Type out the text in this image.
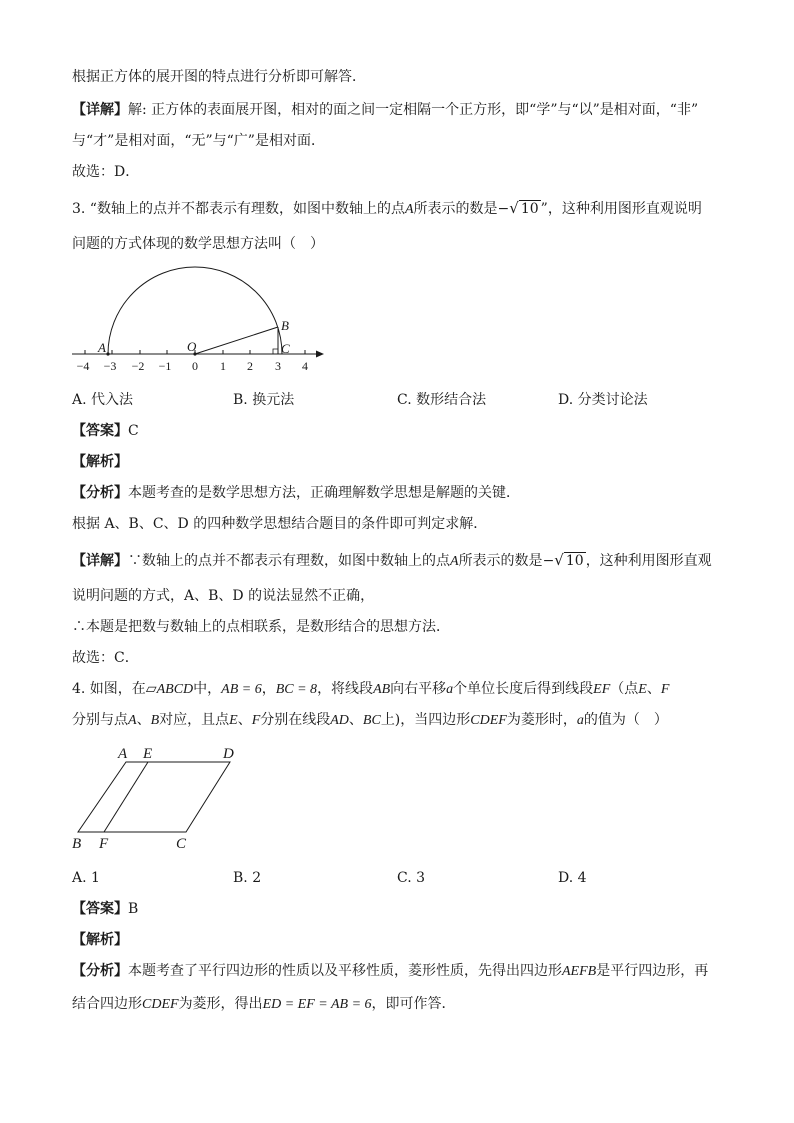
根据正方体的展开图的特点进行分析即可解答．
【详解】解: 正方体的表面展开图，相对的面之间一定相隔一个正方形，即“学”与“以”是相对面，“非”
与“才”是相对面，“无”与“广”是相对面．
故选：D．
3. “数轴上的点并不都表示有理数，如图中数轴上的点A所表示的数是−√ 10 ”，这种利用图形直观说明
问题的方式体现的数学思想方法叫（　）
−4 −3 −2 −1 0 1 2 3 4
A	O
B
C
A. 代入法	B. 换元法	C. 数形结合法	D. 分类讨论法
【答案】C
【解析】
【分析】本题考查的是数学思想方法，正确理解数学思想是解题的关键．
根据 A、B、C、D 的四种数学思想结合题目的条件即可判定求解．
【详解】∵数轴上的点并不都表示有理数，如图中数轴上的点A所表示的数是−√ 10 ，这种利用图形直观
说明问题的方式，A、B、D 的说法显然不正确，
∴本题是把数与数轴上的点相联系，是数形结合的思想方法．
故选：C．
4. 如图，在▱ABCD中，AB = 6，BC = 8，将线段AB向右平移a个单位长度后得到线段EF（点E、F
分别与点A、B对应，且点E、F分别在线段AD、BC上)，当四边形CDEF为菱形时，a的值为（　）
A E	D
B F	C
A. 1	B. 2	C. 3	D. 4
【答案】B
【解析】
【分析】本题考查了平行四边形的性质以及平移性质，菱形性质，先得出四边形AEFB是平行四边形，再
结合四边形CDEF为菱形，得出ED = EF = AB = 6，即可作答．
